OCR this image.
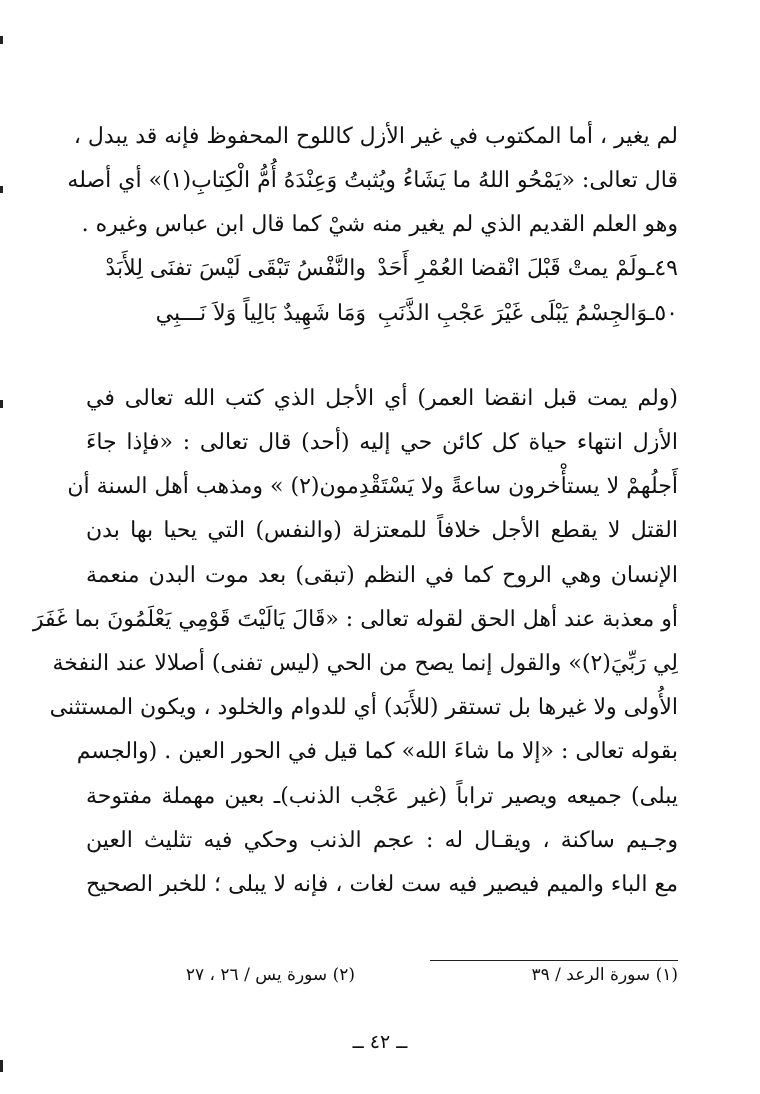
لم يغير ، أما المكتوب في غير الأزل كاللوح المحفوظ فإنه قد يبدل ،
قال تعالى: «يَمْحُو اللهُ ما يَشَاءُ ويُثبتُ وَعِنْدَهُ أُمُّ الْكِتابِ(١)» أي أصله
وهو العلم القديم الذي لم يغير منه شيْ كما قال ابن عباس وغيره .
٤٩ـولَمْ يمتْ قَبْلَ انْقضا العُمْرِ أَحَدْ
والنَّفْسُ تَبْقَى لَيْسَ تفنَى لِلأَبَدْ
٥٠ـوَالجِسْمُ يَبْلَى غَيْرَ عَجْبِ الذَّنَبِ
وَمَا شَهِيدٌ بَالِياً وَلاَ نَـــبِي
(ولم يمت قبل انقضا العمر) أي الأجل الذي كتب الله تعالى في
الأزل انتهاء حياة كل كائن حي إليه (أحد) قال تعالى : «فإذا جاءَ
أَجلُهمْ لا يستأْخرون ساعةً ولا يَسْتَقْدِمون(٢) » ومذهب أهل السنة أن
القتل لا يقطع الأجل خلافاً للمعتزلة (والنفس) التي يحيا بها بدن
الإنسان وهي الروح كما في النظم (تبقى) بعد موت البدن منعمة
أو معذبة عند أهل الحق لقوله تعالى : «قَالَ يَالَيْتَ قَوْمِي يَعْلَمُونَ بما غَفَرَ
لِي رَبِّيَ(٢)» والقول إنما يصح من الحي (ليس تفنى) أصلالا عند النفخة
الأُولى ولا غيرها بل تستقر (للأَبَد) أي للدوام والخلود ، ويكون المستثنى
بقوله تعالى : «إلا ما شاءَ الله» كما قيل في الحور العين . (والجسم
يبلى) جميعه ويصير تراباً (غير عَجْب الذنب)ـ بعين مهملة مفتوحة
وجـيم ساكنة ، ويقـال له : عجم الذنب وحكي فيه تثليث العين
مع الباء والميم فيصير فيه ست لغات ، فإنه لا يبلى ؛ للخبر الصحيح
(١) سورة الرعد / ٣٩
(٢) سورة يس / ٢٦ ، ٢٧
ــ ٤٢ ــ
